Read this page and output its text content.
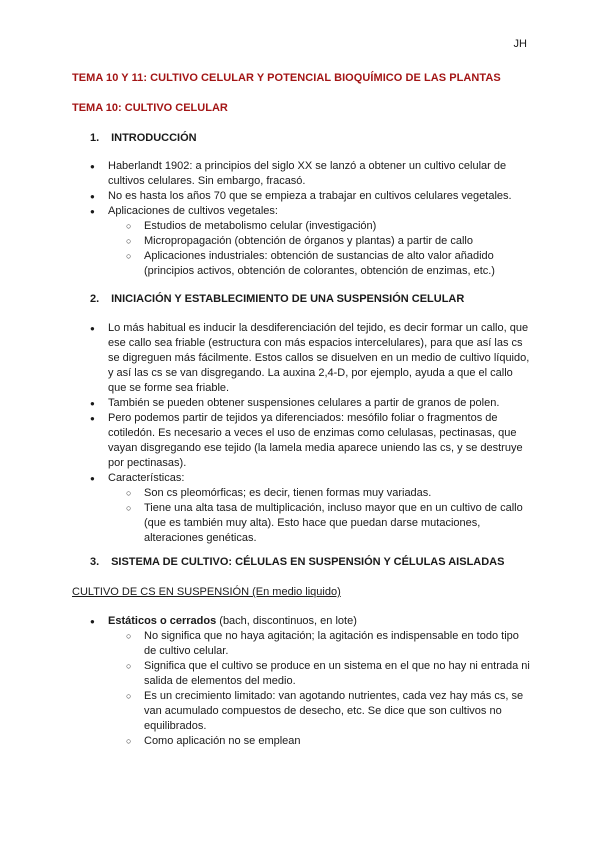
JH
TEMA 10 Y 11: CULTIVO CELULAR Y POTENCIAL BIOQUÍMICO DE LAS PLANTAS
TEMA 10: CULTIVO CELULAR
1. INTRODUCCIÓN
● Haberlandt 1902: a principios del siglo XX se lanzó a obtener un cultivo celular de cultivos celulares. Sin embargo, fracasó.
● No es hasta los años 70 que se empieza a trabajar en cultivos celulares vegetales.
● Aplicaciones de cultivos vegetales:
○ Estudios de metabolismo celular (investigación)
○ Micropropagación (obtención de órganos y plantas) a partir de callo
○ Aplicaciones industriales: obtención de sustancias de alto valor añadido (principios activos, obtención de colorantes, obtención de enzimas, etc.)
2. INICIACIÓN Y ESTABLECIMIENTO DE UNA SUSPENSIÓN CELULAR
● Lo más habitual es inducir la desdiferenciación del tejido, es decir formar un callo, que ese callo sea friable (estructura con más espacios intercelulares), para que así las cs se digreguen más fácilmente. Estos callos se disuelven en un medio de cultivo líquido, y así las cs se van disgregando. La auxina 2,4-D, por ejemplo, ayuda a que el callo que se forme sea friable.
● También se pueden obtener suspensiones celulares a partir de granos de polen.
● Pero podemos partir de tejidos ya diferenciados: mesófilo foliar o fragmentos de cotiledón. Es necesario a veces el uso de enzimas como celulasas, pectinasas, que vayan disgregando ese tejido (la lamela media aparece uniendo las cs, y se destruye por pectinasas).
● Características:
○ Son cs pleomórficas; es decir, tienen formas muy variadas.
○ Tiene una alta tasa de multiplicación, incluso mayor que en un cultivo de callo (que es también muy alta). Esto hace que puedan darse mutaciones, alteraciones genéticas.
3. SISTEMA DE CULTIVO: CÉLULAS EN SUSPENSIÓN Y CÉLULAS AISLADAS
CULTIVO DE CS EN SUSPENSIÓN (En medio liquido)
● Estáticos o cerrados (bach, discontinuos, en lote)
○ No significa que no haya agitación; la agitación es indispensable en todo tipo de cultivo celular.
○ Significa que el cultivo se produce en un sistema en el que no hay ni entrada ni salida de elementos del medio.
○ Es un crecimiento limitado: van agotando nutrientes, cada vez hay más cs, se van acumulado compuestos de desecho, etc. Se dice que son cultivos no equilibrados.
○ Como aplicación no se emplean
